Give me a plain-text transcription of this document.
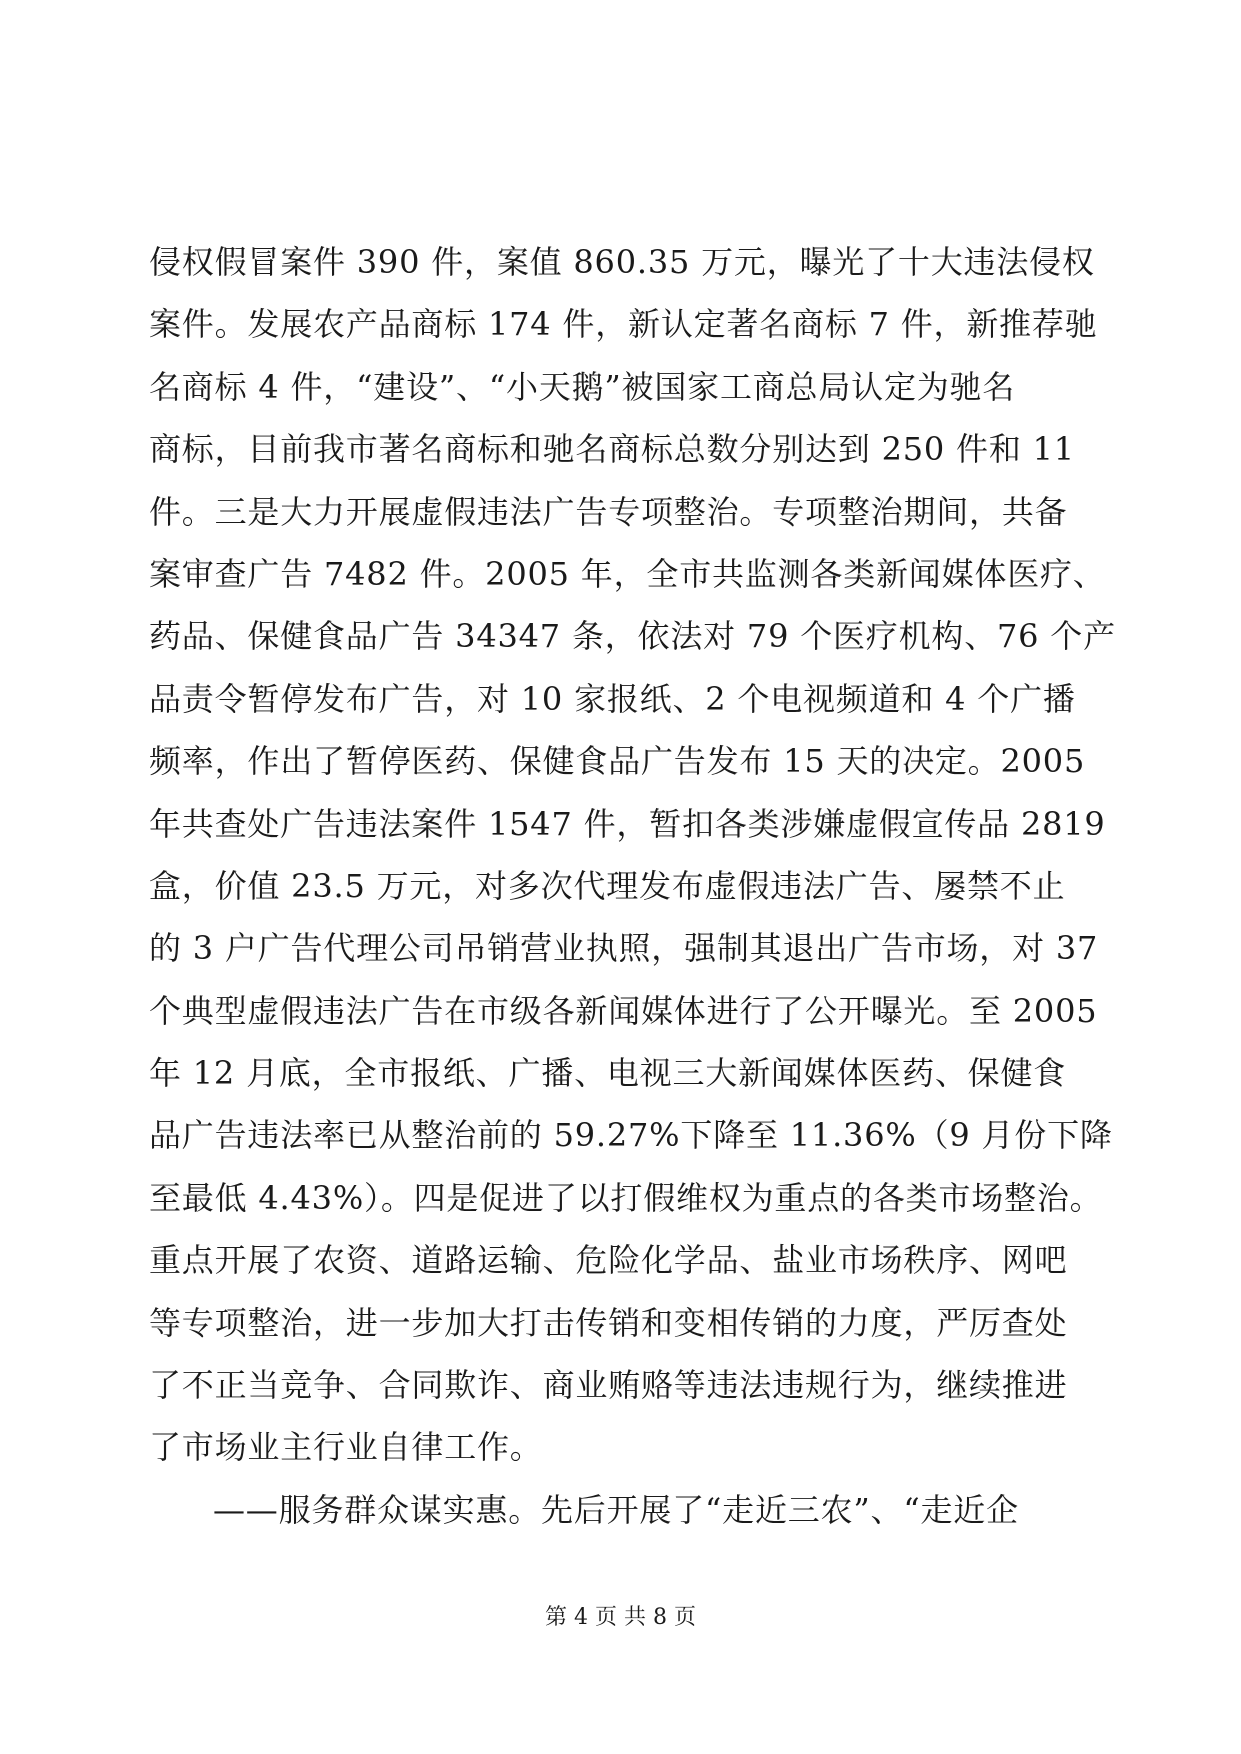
侵权假冒案件 390 件，案值 860.35 万元，曝光了十大违法侵权
案件。发展农产品商标 174 件，新认定著名商标 7 件，新推荐驰
名商标 4 件，“建设”、“小天鹅”被国家工商总局认定为驰名
商标，目前我市著名商标和驰名商标总数分别达到 250 件和 11
件。三是大力开展虚假违法广告专项整治。专项整治期间，共备
案审查广告 7482 件。2005 年，全市共监测各类新闻媒体医疗、
药品、保健食品广告 34347 条，依法对 79 个医疗机构、76 个产
品责令暂停发布广告，对 10 家报纸、2 个电视频道和 4 个广播
频率，作出了暂停医药、保健食品广告发布 15 天的决定。2005
年共查处广告违法案件 1547 件，暂扣各类涉嫌虚假宣传品 2819
盒，价值 23.5 万元，对多次代理发布虚假违法广告、屡禁不止
的 3 户广告代理公司吊销营业执照，强制其退出广告市场，对 37
个典型虚假违法广告在市级各新闻媒体进行了公开曝光。至 2005
年 12 月底，全市报纸、广播、电视三大新闻媒体医药、保健食
品广告违法率已从整治前的 59.27%下降至 11.36%（9 月份下降
至最低 4.43%）。四是促进了以打假维权为重点的各类市场整治。
重点开展了农资、道路运输、危险化学品、盐业市场秩序、网吧
等专项整治，进一步加大打击传销和变相传销的力度，严厉查处
了不正当竞争、合同欺诈、商业贿赂等违法违规行为，继续推进
了市场业主行业自律工作。
——服务群众谋实惠。先后开展了“走近三农”、“走近企
第 4 页 共 8 页
